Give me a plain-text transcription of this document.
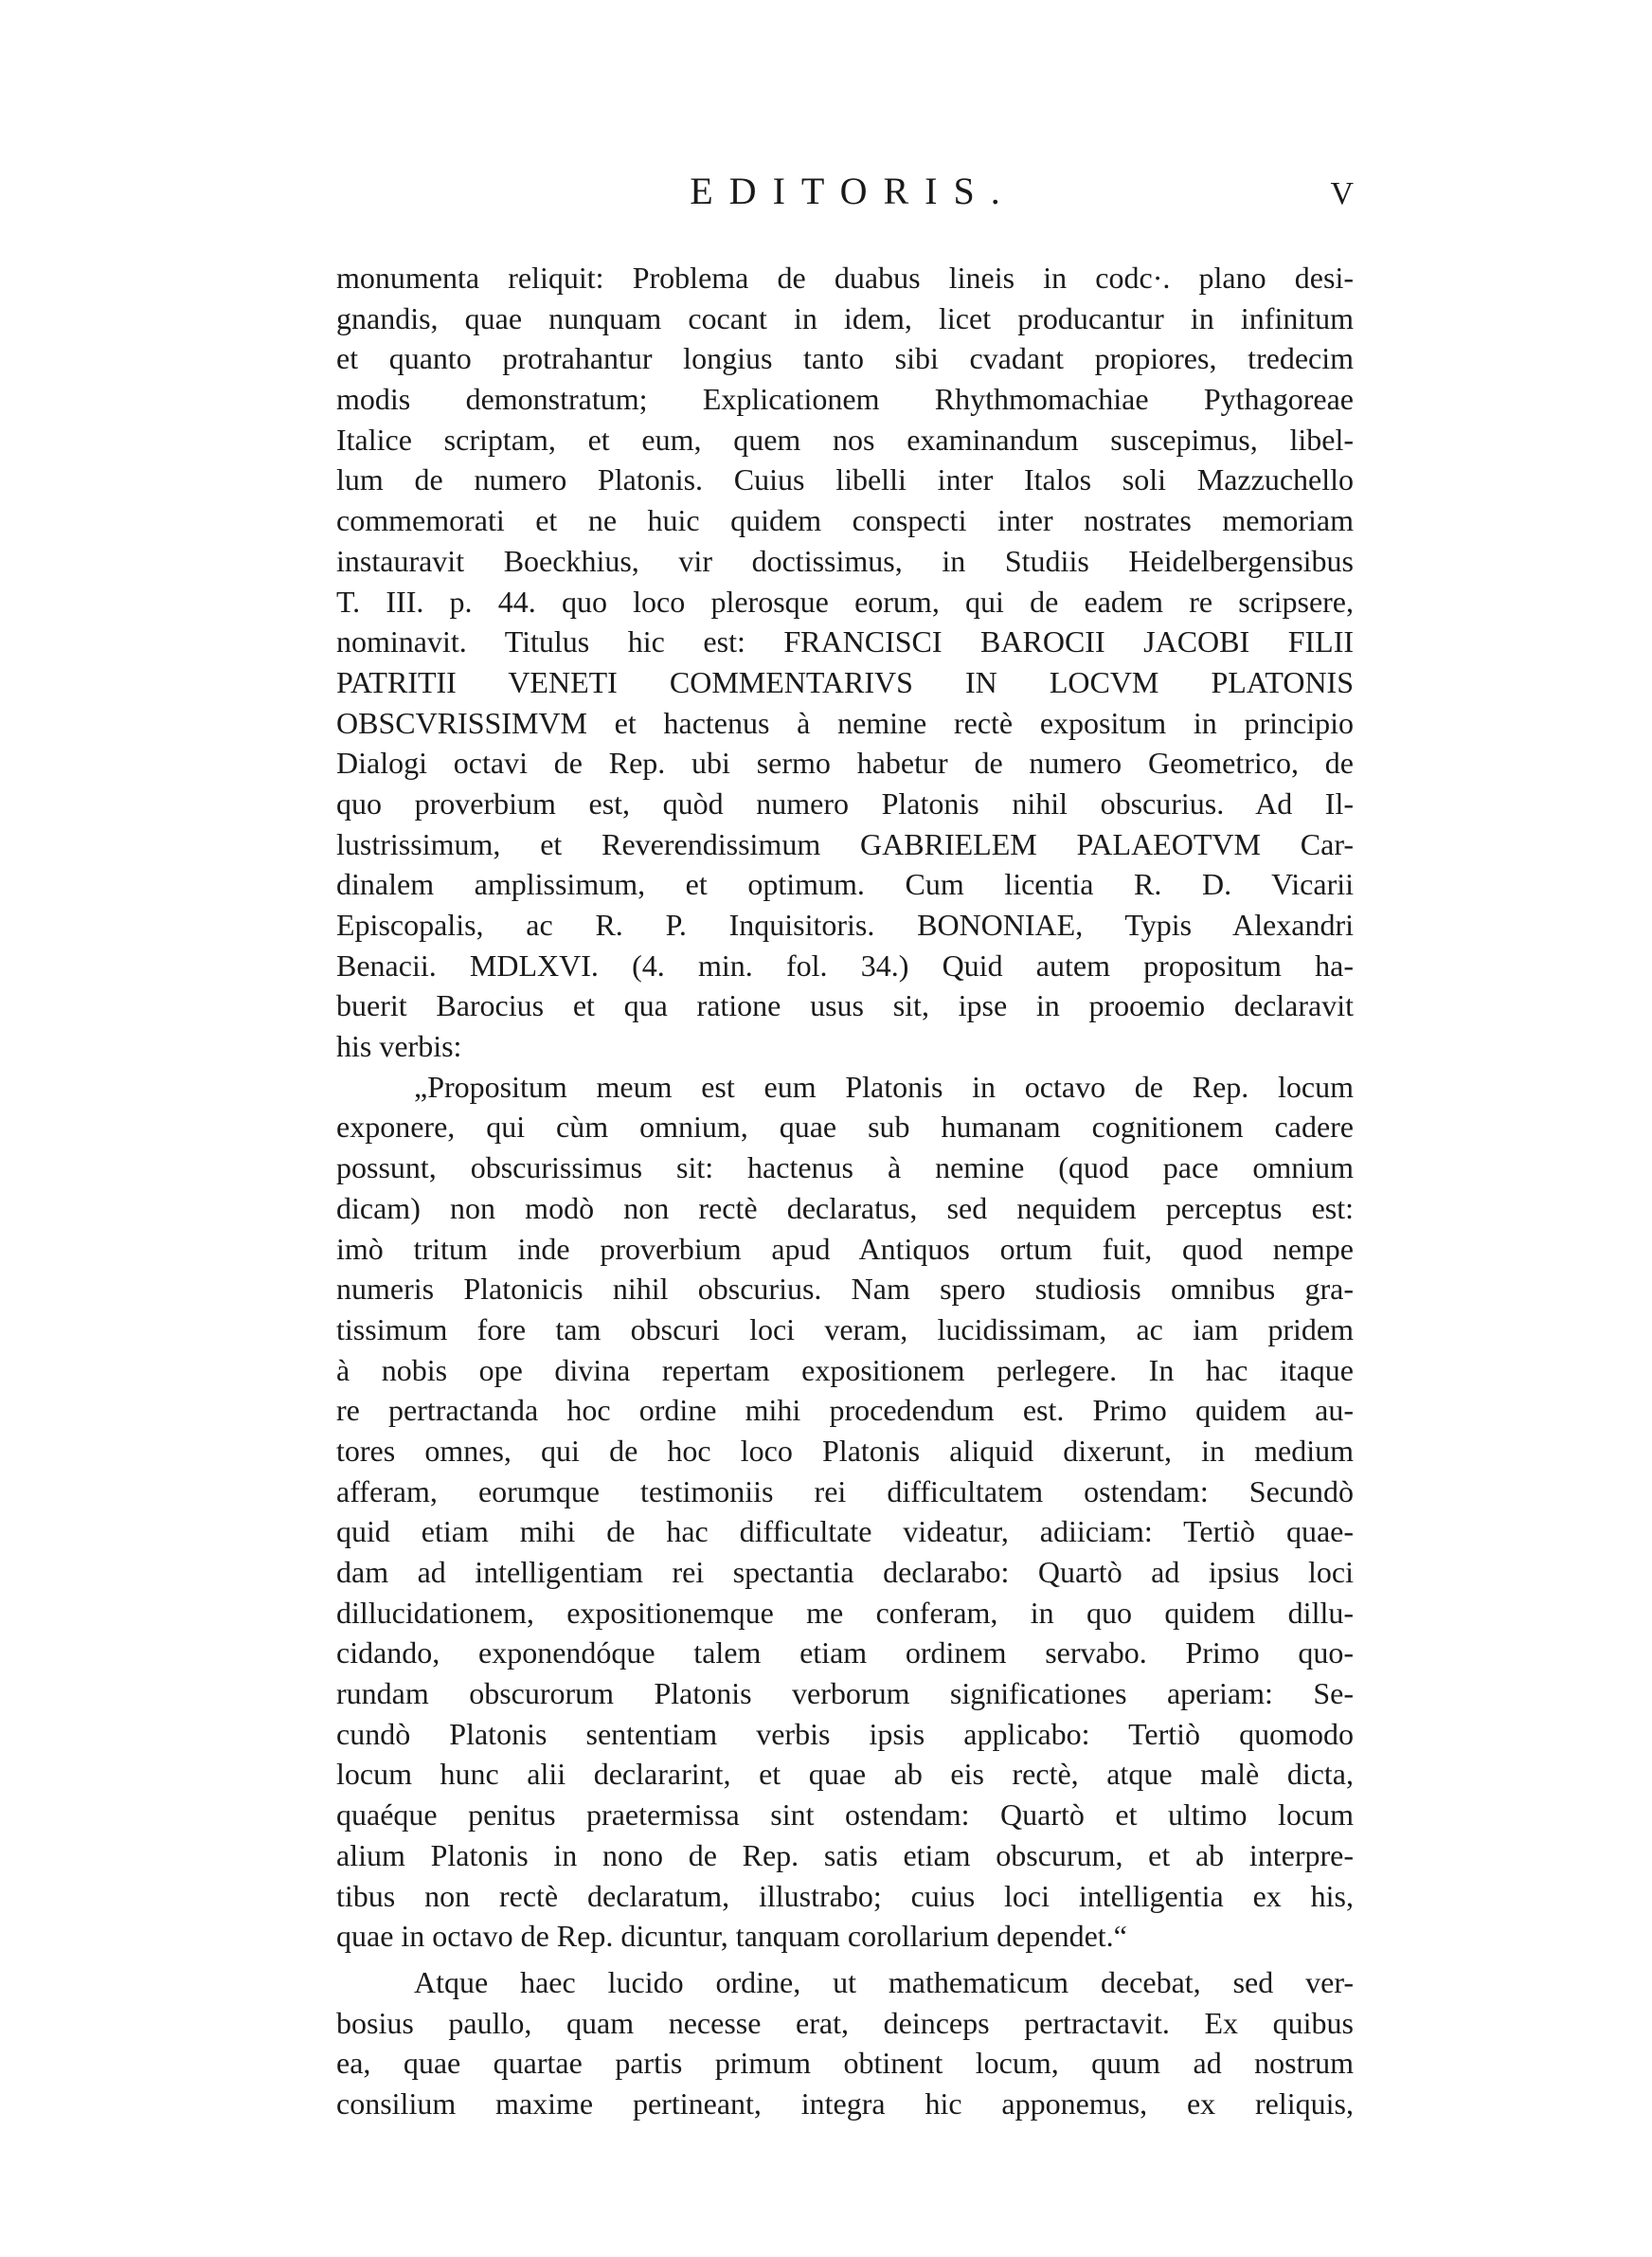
EDITORIS.	V
monumenta reliquit: Problema de duabus lineis in codc·. plano desi-
gnandis, quae nunquam cocant in idem, licet producantur in infinitum
et quanto protrahantur longius tanto sibi cvadant propiores, tredecim
modis demonstratum; Explicationem Rhythmomachiae Pythagoreae
Italice scriptam, et eum, quem nos examinandum suscepimus, libel-
lum de numero Platonis. Cuius libelli inter Italos soli Mazzuchello
commemorati et ne huic quidem conspecti inter nostrates memoriam
instauravit Boeckhius, vir doctissimus, in Studiis Heidelbergensibus
T. III. p. 44. quo loco plerosque eorum, qui de eadem re scripsere,
nominavit. Titulus hic est: FRANCISCI BAROCII JACOBI FILII
PATRITII VENETI COMMENTARIVS IN LOCVM PLATONIS
OBSCVRISSIMVM et hactenus à nemine rectè expositum in principio
Dialogi octavi de Rep. ubi sermo habetur de numero Geometrico, de
quo proverbium est, quòd numero Platonis nihil obscurius. Ad Il-
lustrissimum, et Reverendissimum GABRIELEM PALAEOTVM Car-
dinalem amplissimum, et optimum. Cum licentia R. D. Vicarii
Episcopalis, ac R. P. Inquisitoris. BONONIAE, Typis Alexandri
Benacii. MDLXVI. (4. min. fol. 34.) Quid autem propositum ha-
buerit Barocius et qua ratione usus sit, ipse in prooemio declaravit
his verbis:
„Propositum meum est eum Platonis in octavo de Rep. locum
exponere, qui cùm omnium, quae sub humanam cognitionem cadere
possunt, obscurissimus sit: hactenus à nemine (quod pace omnium
dicam) non modò non rectè declaratus, sed nequidem perceptus est:
imò tritum inde proverbium apud Antiquos ortum fuit, quod nempe
numeris Platonicis nihil obscurius. Nam spero studiosis omnibus gra-
tissimum fore tam obscuri loci veram, lucidissimam, ac iam pridem
à nobis ope divina repertam expositionem perlegere. In hac itaque
re pertractanda hoc ordine mihi procedendum est. Primo quidem au-
tores omnes, qui de hoc loco Platonis aliquid dixerunt, in medium
afferam, eorumque testimoniis rei difficultatem ostendam: Secundò
quid etiam mihi de hac difficultate videatur, adiiciam: Tertiò quae-
dam ad intelligentiam rei spectantia declarabo: Quartò ad ipsius loci
dillucidationem, expositionemque me conferam, in quo quidem dillu-
cidando, exponendóque talem etiam ordinem servabo. Primo quo-
rundam obscurorum Platonis verborum significationes aperiam: Se-
cundò Platonis sententiam verbis ipsis applicabo: Tertiò quomodo
locum hunc alii declararint, et quae ab eis rectè, atque malè dicta,
quaéque penitus praetermissa sint ostendam: Quartò et ultimo locum
alium Platonis in nono de Rep. satis etiam obscurum, et ab interpre-
tibus non rectè declaratum, illustrabo; cuius loci intelligentia ex his,
quae in octavo de Rep. dicuntur, tanquam corollarium dependet.“
Atque haec lucido ordine, ut mathematicum decebat, sed ver-
bosius paullo, quam necesse erat, deinceps pertractavit. Ex quibus
ea, quae quartae partis primum obtinent locum, quum ad nostrum
consilium maxime pertineant, integra hic apponemus, ex reliquis,
